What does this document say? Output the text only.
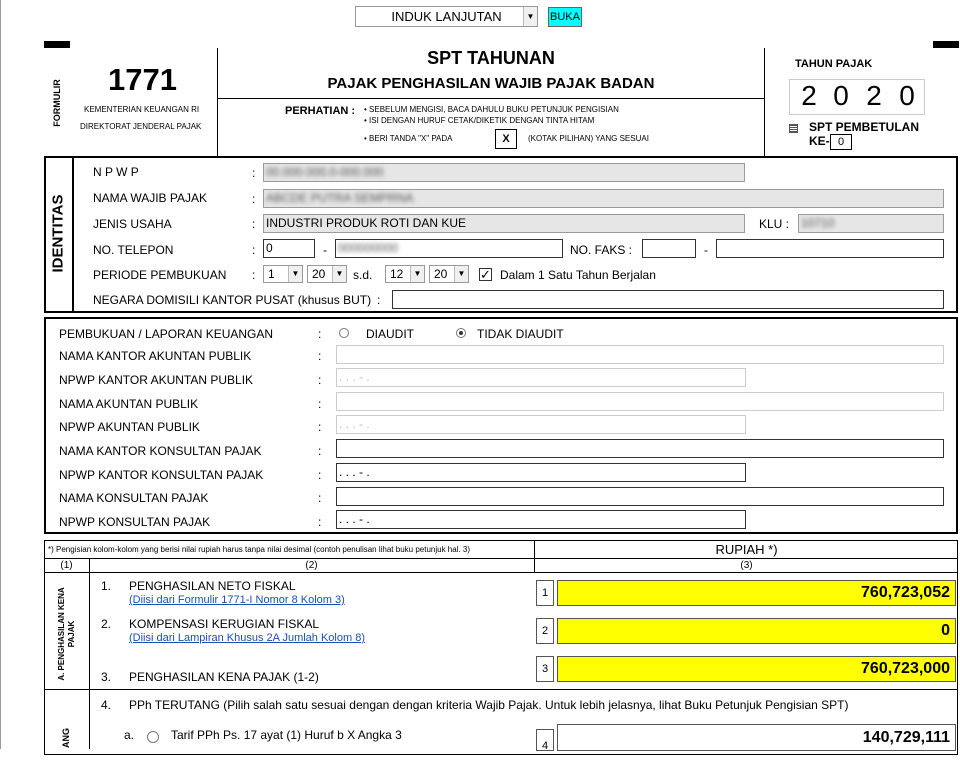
INDUK LANJUTAN	▼ BUKA
FORMULIR 1771
KEMENTERIAN KEUANGAN RI
DIREKTORAT JENDERAL PAJAK
SPT TAHUNAN
PAJAK PENGHASILAN WAJIB PAJAK BADAN
PERHATIAN : • SEBELUM MENGISI, BACA DAHULU BUKU PETUNJUK PENGISIAN
• ISI DENGAN HURUF CETAK/DIKETIK DENGAN TINTA HITAM
• BERI TANDA "X" PADA	X	(KOTAK PILIHAN) YANG SESUAI
TAHUN PAJAK
2 0 2 0
SPT PEMBETULAN
KE- 0
IDENTITAS
N P W P	: 00.000.000.0-000.000
NAMA WAJIB PAJAK	: ABCDE PUTRA SEMPRNA
JENIS USAHA	: INDUSTRI PRODUK ROTI DAN KUE	KLU : 10710
NO. TELEPON	: 0	- 000000000	NO. FAKS :	-
PERIODE PEMBUKUAN :	1	▼	20	▼ s.d.	12	▼	20	▼ ✓ Dalam 1 Satu Tahun Berjalan
NEGARA DOMISILI KANTOR PUSAT (khusus BUT) :
PEMBUKUAN / LAPORAN KEUANGAN	:	DIAUDIT	TIDAK DIAUDIT
NAMA KANTOR AKUNTAN PUBLIK	:
NPWP KANTOR AKUNTAN PUBLIK	: . . . - .
NAMA AKUNTAN PUBLIK	:
NPWP AKUNTAN PUBLIK	: . . . - .
NAMA KANTOR KONSULTAN PAJAK	:
NPWP KANTOR KONSULTAN PAJAK	: . . . - .
NAMA KONSULTAN PAJAK	:
NPWP KONSULTAN PAJAK	: . . . - .
*) Pengisian kolom-kolom yang berisi nilai rupiah harus tanpa nilai desimal (contoh penulisan lihat buku petunjuk hal. 3)	RUPIAH *)
(1)	(2)	(3)
A. PENGHASILAN KENA PAJAK
1. PENGHASILAN NETO FISKAL
(Diisi dari Formulir 1771-I Nomor 8 Kolom 3)
1	760,723,052
2. KOMPENSASI KERUGIAN FISKAL
(Diisi dari Lampiran Khusus 2A Jumlah Kolom 8)
2	0
3. PENGHASILAN KENA PAJAK (1-2)
3	760,723,000
4. PPh TERUTANG (Pilih salah satu sesuai dengan dengan kriteria Wajib Pajak. Untuk lebih jelasnya, lihat Buku Petunjuk Pengisian SPT)
a.	Tarif PPh Ps. 17 ayat (1) Huruf b X Angka 3
4	140,729,111
ANG
